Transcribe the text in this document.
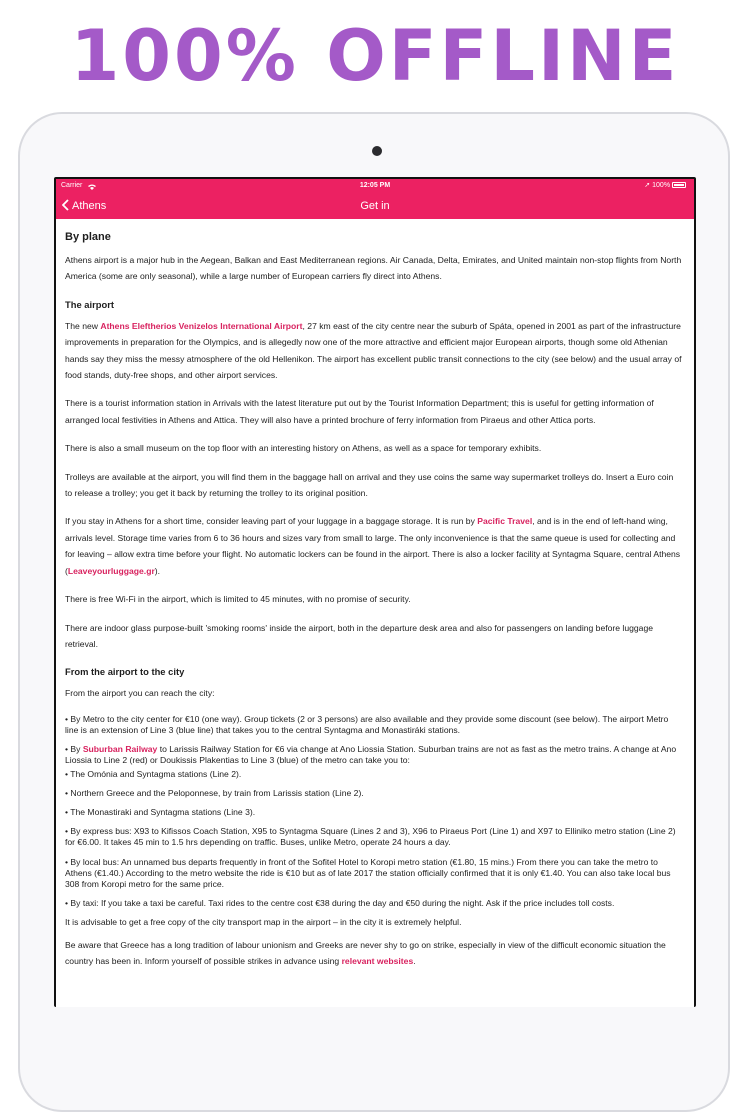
100% OFFLINE
Carrier	12:05 PM	➚ 100%
Athens	Get in
By plane

Athens airport is a major hub in the Aegean, Balkan and East Mediterranean regions. Air Canada, Delta, Emirates, and United maintain non-stop flights from North America (some are only seasonal), while a large number of European carriers fly direct into Athens.

The airport

The new Athens Eleftherios Venizelos International Airport, 27 km east of the city centre near the suburb of Spáta, opened in 2001 as part of the infrastructure improvements in preparation for the Olympics, and is allegedly now one of the more attractive and efficient major European airports, though some old Athenian hands say they miss the messy atmosphere of the old Hellenikon. The airport has excellent public transit connections to the city (see below) and the usual array of food stands, duty-free shops, and other airport services.

There is a tourist information station in Arrivals with the latest literature put out by the Tourist Information Department; this is useful for getting information of arranged local festivities in Athens and Attica. They will also have a printed brochure of ferry information from Piraeus and other Attica ports.

There is also a small museum on the top floor with an interesting history on Athens, as well as a space for temporary exhibits.

Trolleys are available at the airport, you will find them in the baggage hall on arrival and they use coins the same way supermarket trolleys do. Insert a Euro coin to release a trolley; you get it back by returning the trolley to its original position.

If you stay in Athens for a short time, consider leaving part of your luggage in a baggage storage. It is run by Pacific Travel, and is in the end of left-hand wing, arrivals level. Storage time varies from 6 to 36 hours and sizes vary from small to large. The only inconvenience is that the same queue is used for collecting and for leaving – allow extra time before your flight. No automatic lockers can be found in the airport. There is also a locker facility at Syntagma Square, central Athens (Leaveyourluggage.gr).

There is free Wi-Fi in the airport, which is limited to 45 minutes, with no promise of security.

There are indoor glass purpose-built 'smoking rooms' inside the airport, both in the departure desk area and also for passengers on landing before luggage retrieval.

From the airport to the city

From the airport you can reach the city:

• By Metro to the city center for €10 (one way). Group tickets (2 or 3 persons) are also available and they provide some discount (see below). The airport Metro line is an extension of Line 3 (blue line) that takes you to the central Syntagma and Monastiráki stations.

• By Suburban Railway to Larissis Railway Station for €6 via change at Ano Liossia Station. Suburban trains are not as fast as the metro trains. A change at Ano Liossia to Line 2 (red) or Doukissis Plakentias to Line 3 (blue) of the metro can take you to:

• The Omónia and Syntagma stations (Line 2).

• Northern Greece and the Peloponnese, by train from Larissis station (Line 2).

• The Monastiraki and Syntagma stations (Line 3).

• By express bus: X93 to Kifissos Coach Station, X95 to Syntagma Square (Lines 2 and 3), X96 to Piraeus Port (Line 1) and X97 to Elliniko metro station (Line 2) for €6.00. It takes 45 min to 1.5 hrs depending on traffic. Buses, unlike Metro, operate 24 hours a day.

• By local bus: An unnamed bus departs frequently in front of the Sofitel Hotel to Koropi metro station (€1.80, 15 mins.) From there you can take the metro to Athens (€1.40.) According to the metro website the ride is €10 but as of late 2017 the station officially confirmed that it is only €1.40. You can also take local bus 308 from Koropi metro for the same price.

• By taxi: If you take a taxi be careful. Taxi rides to the centre cost €38 during the day and €50 during the night. Ask if the price includes toll costs.

It is advisable to get a free copy of the city transport map in the airport – in the city it is extremely helpful.

Be aware that Greece has a long tradition of labour unionism and Greeks are never shy to go on strike, especially in view of the difficult economic situation the country has been in. Inform yourself of possible strikes in advance using relevant websites.
